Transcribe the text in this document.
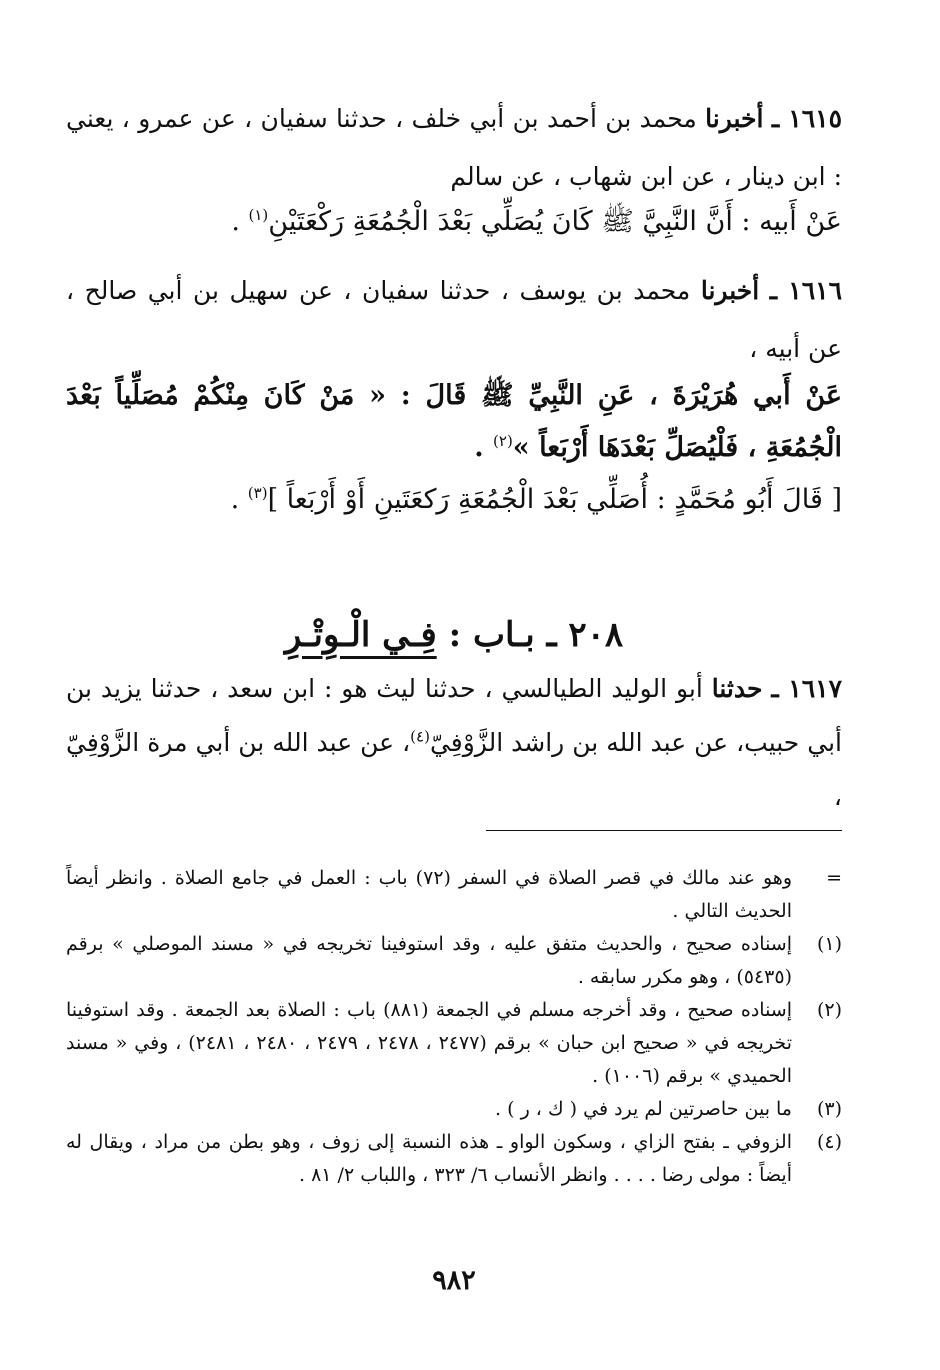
١٦١٥ ـ أخبرنا محمد بن أحمد بن أبي خلف ، حدثنا سفيان ، عن عمرو ، يعني : ابن دينار ، عن ابن شهاب ، عن سالم
عَنْ أَبيه : أَنَّ النَّبِيَّ ﷺ كَانَ يُصَلِّي بَعْدَ الْجُمُعَةِ رَكْعَتَيْنِ$^{(١)}$ .
١٦١٦ ـ أخبرنا محمد بن يوسف ، حدثنا سفيان ، عن سهيل بن أبي صالح ، عن أبيه ،
عَنْ أَبي هُرَيْرَةَ ، عَنِ النَّبِيِّ ﷺ قَالَ : « مَنْ كَانَ مِنْكُمْ مُصَلِّياً بَعْدَ الْجُمُعَةِ ، فَلْيُصَلِّ بَعْدَهَا أَرْبَعاً »$^{(٢)}$ .
[ قَالَ أَبُو مُحَمَّدٍ : أُصَلِّي بَعْدَ الْجُمُعَةِ رَكعَتَينِ أَوْ أَرْبَعاً ]$^{(٣)}$ .
٢٠٨ ـ بـاب : فِـي الْـوِتْـرِ
١٦١٧ ـ حدثنا أبو الوليد الطيالسي ، حدثنا ليث هو : ابن سعد ، حدثنا يزيد بن أبي حبيب، عن عبد الله بن راشد الزَّوْفِيّ$^{(٤)}$، عن عبد الله بن أبي مرة الزَّوْفِيّ ،
=
وهو عند مالك في قصر الصلاة في السفر (٧٢) باب : العمل في جامع الصلاة . وانظر أيضاً الحديث التالي .
(١)
إسناده صحيح ، والحديث متفق عليه ، وقد استوفينا تخريجه في « مسند الموصلي » برقم (٥٤٣٥) ، وهو مكرر سابقه .
(٢)
إسناده صحيح ، وقد أخرجه مسلم في الجمعة (٨٨١) باب : الصلاة بعد الجمعة . وقد استوفينا تخريجه في « صحيح ابن حبان » برقم (٢٤٧٧ ، ٢٤٧٨ ، ٢٤٧٩ ، ٢٤٨٠ ، ٢٤٨١) ، وفي « مسند الحميدي » برقم (١٠٠٦) .
(٣)
ما بين حاصرتين لم يرد في ( ك ، ر ) .
(٤)
الزوفي ـ بفتح الزاي ، وسكون الواو ـ هذه النسبة إلى زوف ، وهو بطن من مراد ، ويقال له أيضاً : مولى رضا . . . . وانظر الأنساب ٦/ ٣٢٣ ، واللباب ٢/ ٨١ .
٩٨٢
